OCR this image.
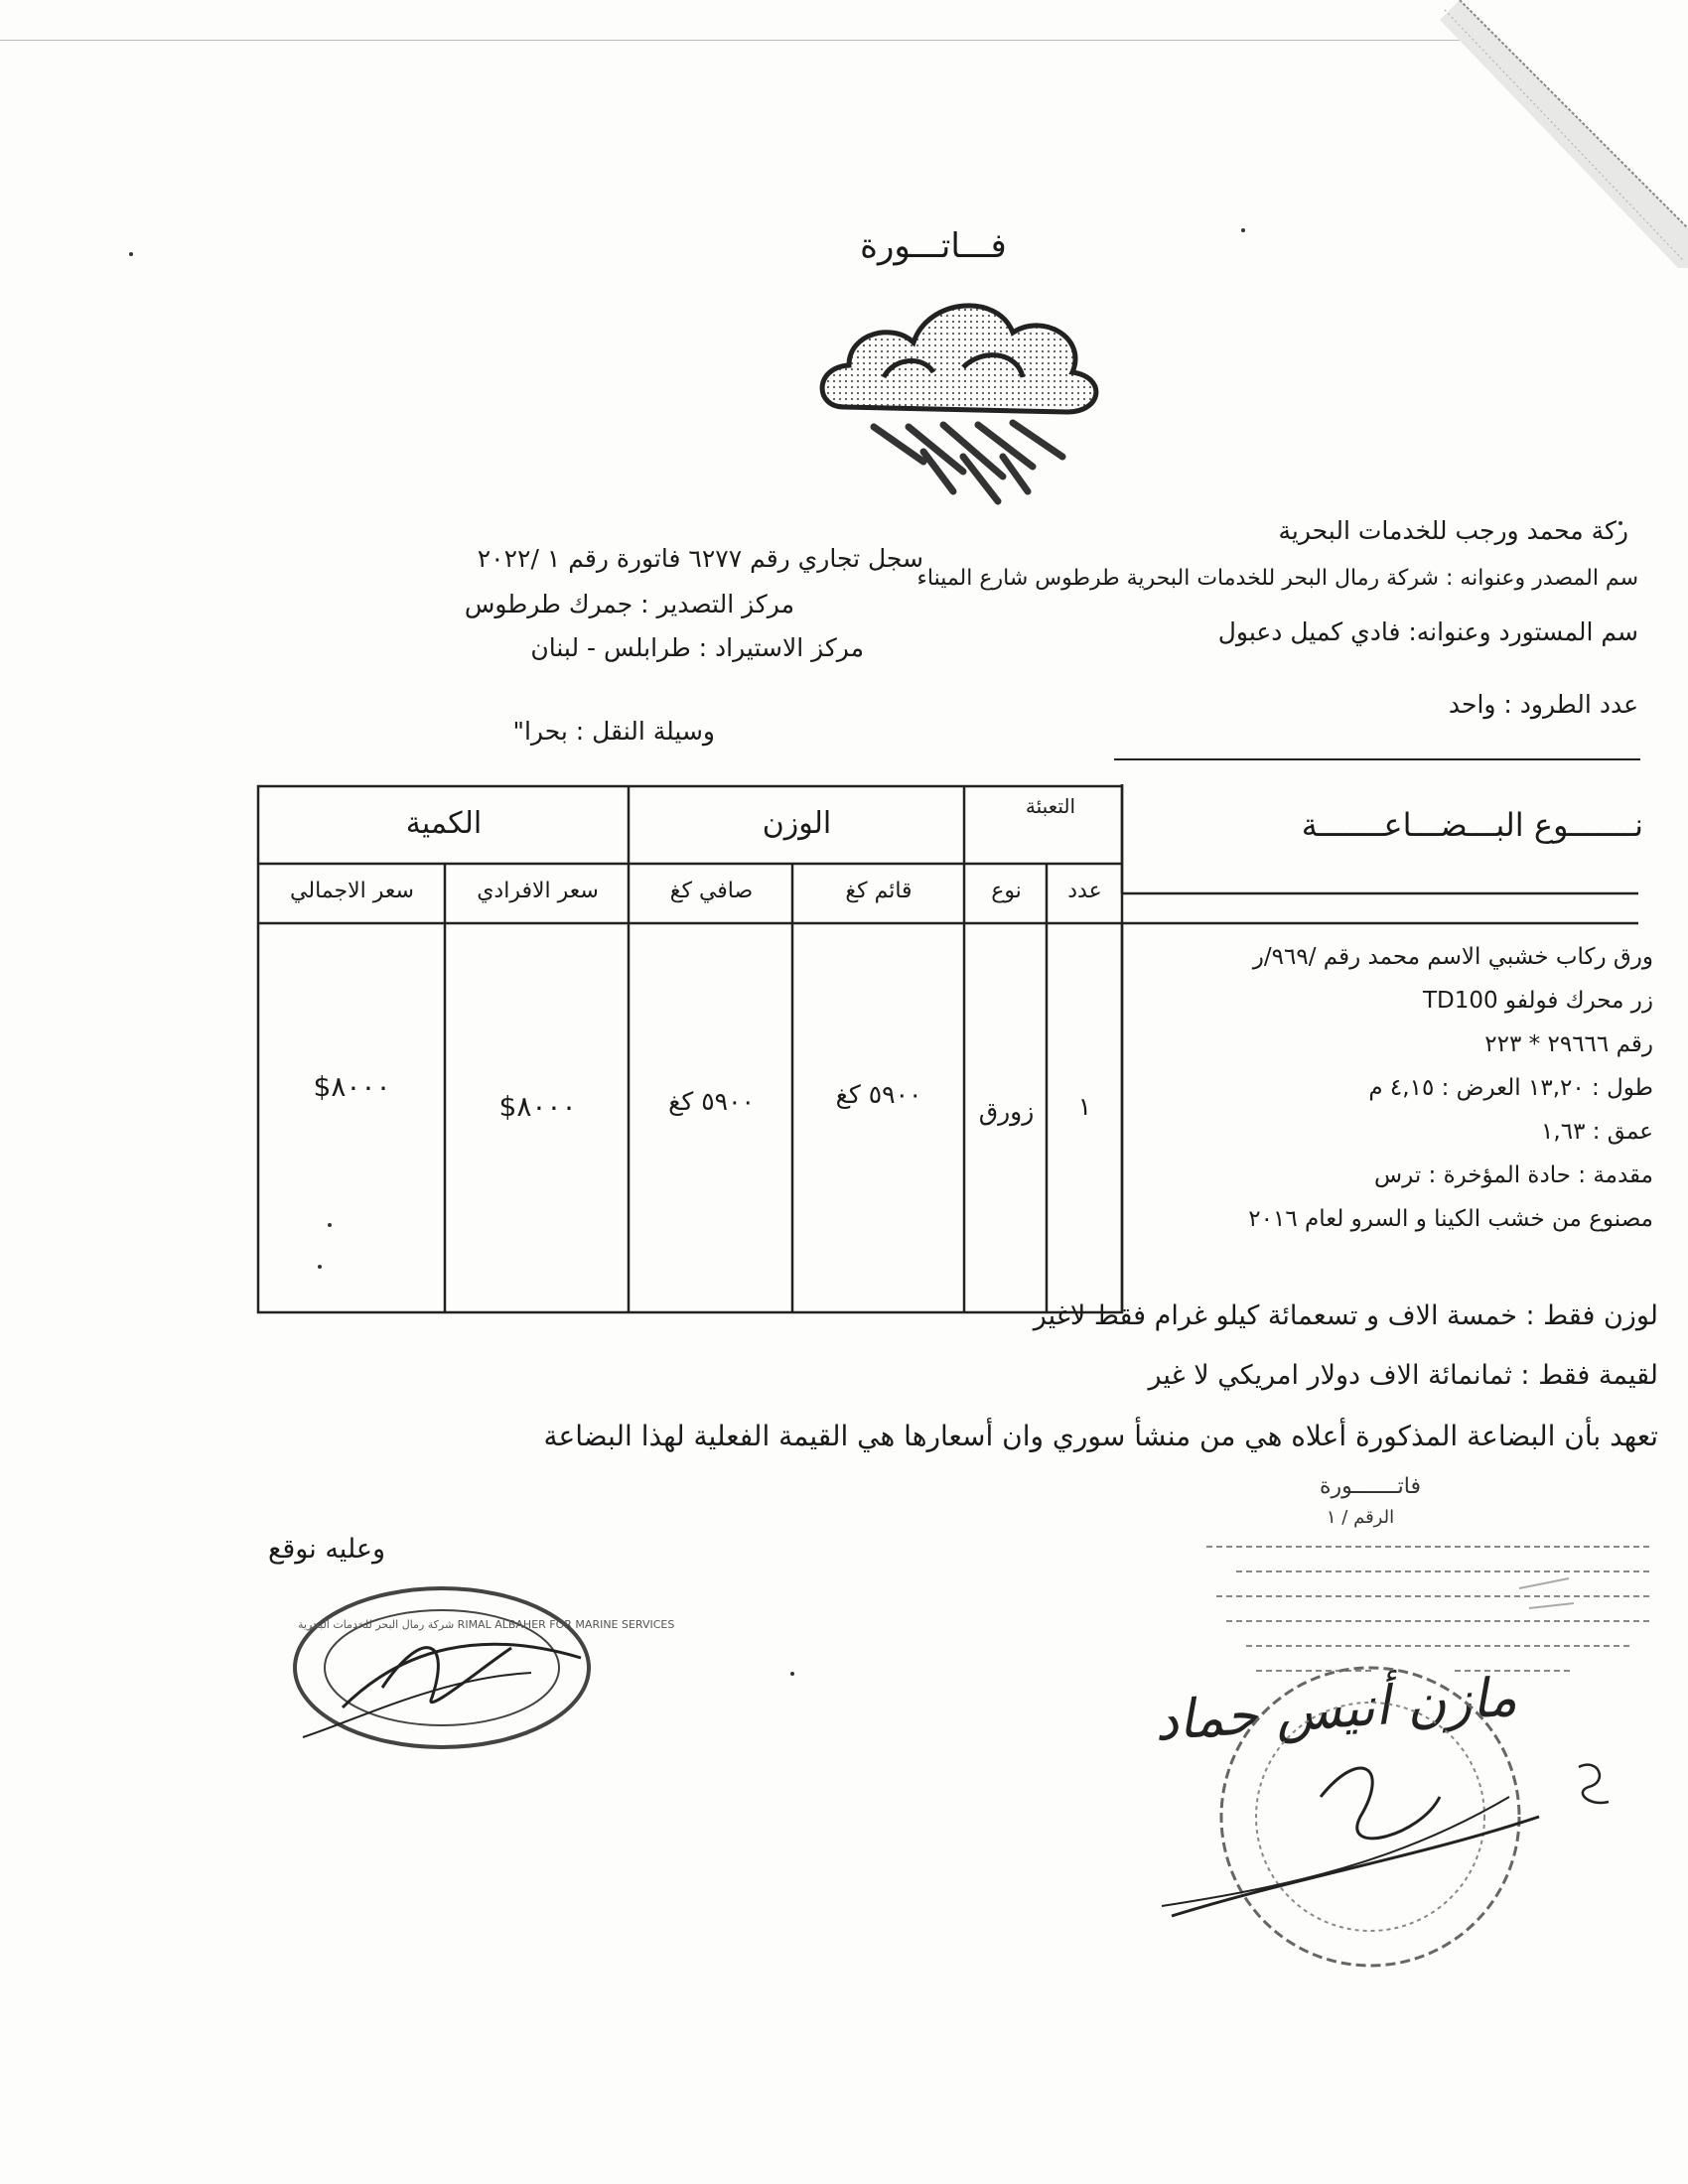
فـــاتـــورة
ركة محمد ورجب للخدمات البحرية
سجل تجاري رقم ٦٢٧٧ فاتورة رقم ١ /٢٠٢٢
سم المصدر وعنوانه : شركة رمال البحر للخدمات البحرية طرطوس شارع الميناء
مركز التصدير : جمرك طرطوس
سم المستورد وعنوانه: فادي كميل دعبول
مركز الاستيراد : طرابلس - لبنان
عدد الطرود : واحد
وسيلة النقل : بحرا"
نـــــــوع البـــضـــاعـــــــة
التعبئة
عدد
نوع
الوزن
قائم كغ
صافي كغ
الكمية
سعر الافرادي
سعر الاجمالي
ورق ركاب خشبي الاسم محمد رقم /٩٦٩/ر
زر محرك فولفو TD100
رقم ٢٩٦٦٦ * ٢٢٣
طول : ١٣,٢٠ العرض : ٤,١٥ م
عمق : ١,٦٣
مقدمة : حادة المؤخرة : ترس
مصنوع من خشب الكينا و السرو لعام ٢٠١٦
١
زورق
٥٩٠٠ كغ
٥٩٠٠ كغ
$٨٠٠٠
$٨٠٠٠
لوزن فقط : خمسة الاف و تسعمائة كيلو غرام فقط لاغير
لقيمة فقط : ثمانمائة الاف دولار امريكي لا غير
تعهد بأن البضاعة المذكورة أعلاه هي من منشأ سوري وان أسعارها هي القيمة الفعلية لهذا البضاعة
فاتـــــــورة
الرقم / ١
وعليه نوقع
شركة رمال البحر للخدمات البحرية RIMAL ALBAHER FOR MARINE SERVICES
مازن أنيس حماد
